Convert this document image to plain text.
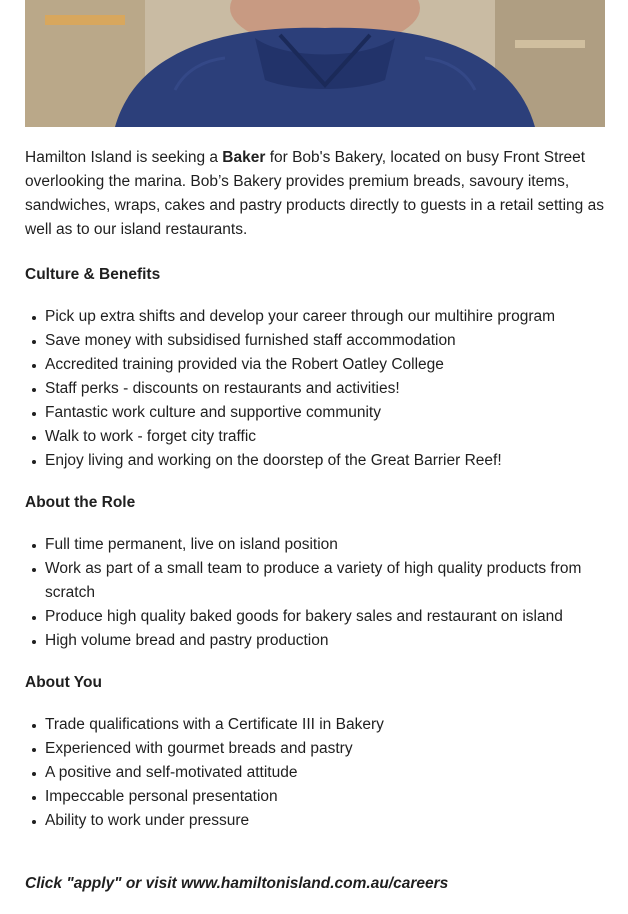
Hamilton Island is seeking a Baker for Bob's Bakery, located on busy Front Street overlooking the marina. Bob’s Bakery provides premium breads, savoury items, sandwiches, wraps, cakes and pastry products directly to guests in a retail setting as well as to our island restaurants.

Culture & Benefits
Pick up extra shifts and develop your career through our multihire program
Save money with subsidised furnished staff accommodation
Accredited training provided via the Robert Oatley College
Staff perks - discounts on restaurants and activities!
Fantastic work culture and supportive community
Walk to work - forget city traffic
Enjoy living and working on the doorstep of the Great Barrier Reef!
About the Role
Full time permanent, live on island position
Work as part of a small team to produce a variety of high quality products from scratch
Produce high quality baked goods for bakery sales and restaurant on island
High volume bread and pastry production
About You
Trade qualifications with a Certificate III in Bakery
Experienced with gourmet breads and pastry
A positive and self-motivated attitude
Impeccable personal presentation
Ability to work under pressure
Click "apply" or visit www.hamiltonisland.com.au/careers
